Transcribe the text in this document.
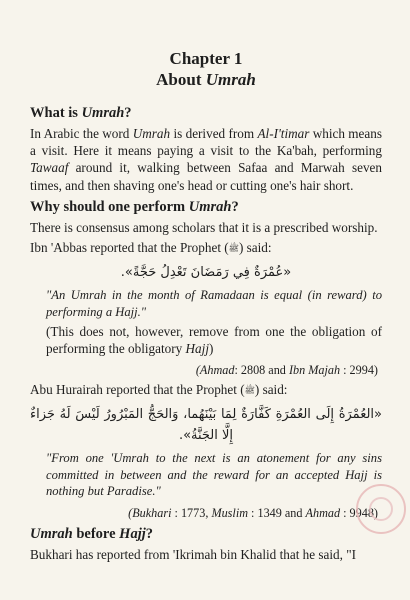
Chapter 1
About Umrah
What is Umrah?
In Arabic the word Umrah is derived from Al-I'timar which means a visit. Here it means paying a visit to the Ka'bah, performing Tawaaf around it, walking between Safaa and Marwah seven times, and then shaving one's head or cutting one's hair short.
Why should one perform Umrah?
There is consensus among scholars that it is a prescribed worship.
Ibn 'Abbas reported that the Prophet (ﷺ) said:
«عُمْرَةٌ فِي رَمَضَانَ تَعْدِلُ حَجَّةً».
"An Umrah in the month of Ramadaan is equal (in reward) to performing a Hajj."
(This does not, however, remove from one the obligation of performing the obligatory Hajj)
(Ahmad: 2808 and Ibn Majah : 2994)
Abu Hurairah reported that the Prophet (ﷺ) said:
«العُمْرَةُ إِلَى العُمْرَةِ كَفَّارَةٌ لِمَا بَيْنَهُما، وَالحَجُّ المَبْرُورُ لَيْسَ لَهُ جَزاءٌ إِلَّا الجَنَّةُ».
"From one 'Umrah to the next is an atonement for any sins committed in between and the reward for an accepted Hajj is nothing but Paradise."
(Bukhari : 1773, Muslim : 1349 and Ahmad : 9948)
Umrah before Hajj?
Bukhari has reported from 'Ikrimah bin Khalid that he said, "I
